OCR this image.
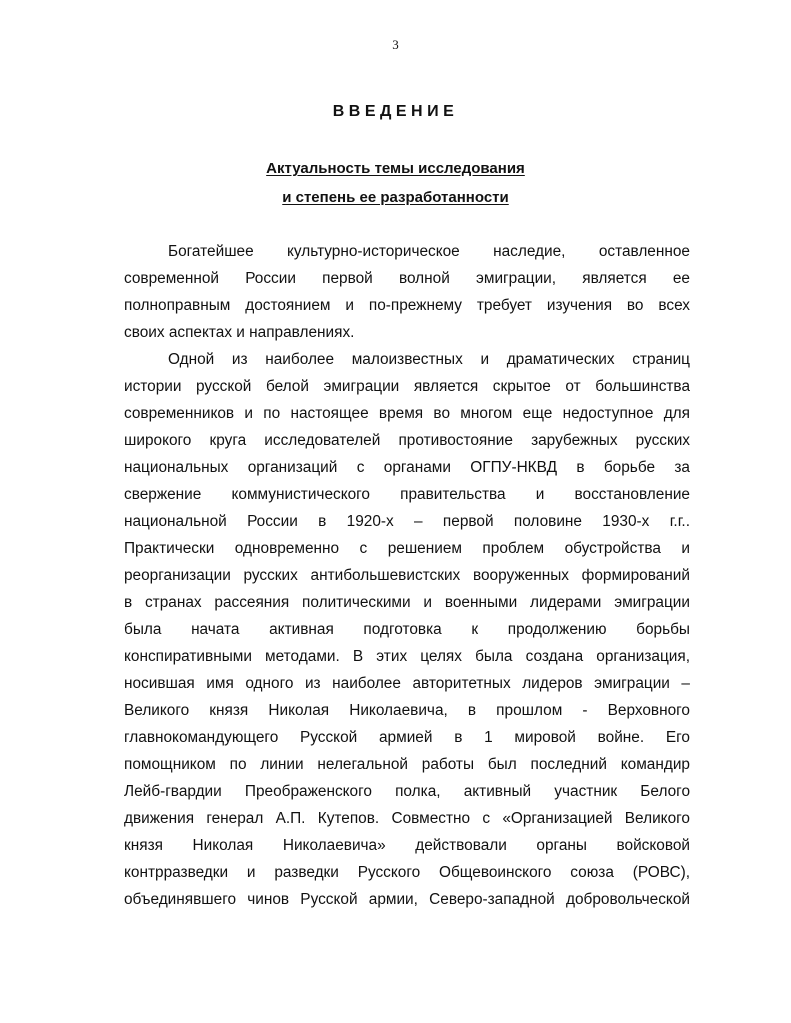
3
ВВЕДЕНИЕ
Актуальность темы исследования
и степень ее разработанности
Богатейшее культурно-историческое наследие, оставленное
современной России первой волной эмиграции, является ее
полноправным достоянием и по-прежнему требует изучения во всех
своих аспектах и направлениях.
Одной из наиболее малоизвестных и драматических страниц
истории русской белой эмиграции является скрытое от большинства
современников и по настоящее время во многом еще недоступное для
широкого круга исследователей противостояние зарубежных русских
национальных организаций с органами ОГПУ-НКВД в борьбе за
свержение коммунистического правительства и восстановление
национальной России в 1920-х – первой половине 1930-х г.г..
Практически одновременно с решением проблем обустройства и
реорганизации русских антибольшевистских вооруженных формирований
в странах рассеяния политическими и военными лидерами эмиграции
была начата активная подготовка к продолжению борьбы
конспиративными методами. В этих целях была создана организация,
носившая имя одного из наиболее авторитетных лидеров эмиграции –
Великого князя Николая Николаевича, в прошлом - Верховного
главнокомандующего Русской армией в 1 мировой войне. Его
помощником по линии нелегальной работы был последний командир
Лейб-гвардии Преображенского полка, активный участник Белого
движения генерал А.П. Кутепов. Совместно с «Организацией Великого
князя Николая Николаевича» действовали органы войсковой
контрразведки и разведки Русского Общевоинского союза (РОВС),
объединявшего чинов Русской армии, Северо-западной добровольческой
